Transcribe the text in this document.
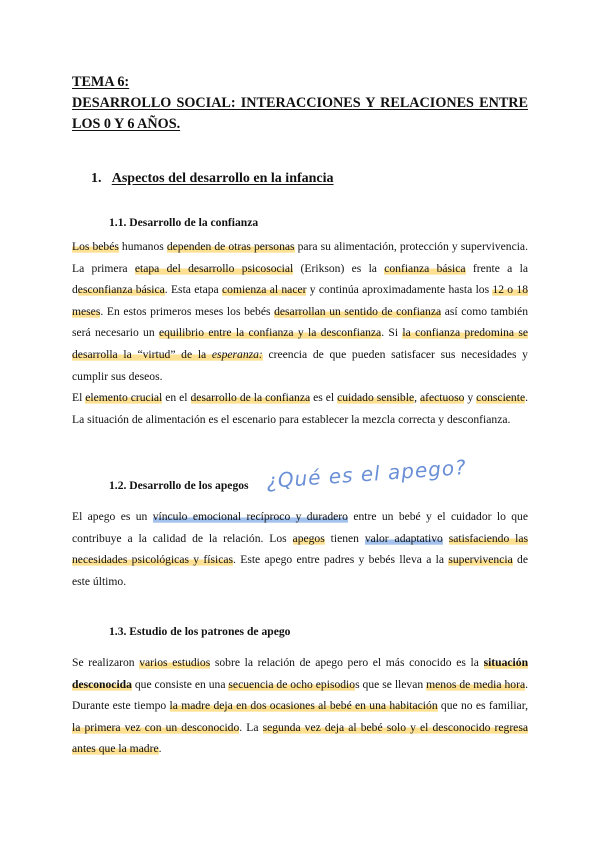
TEMA 6:
DESARROLLO SOCIAL: INTERACCIONES Y RELACIONES ENTRE
LOS 0 Y 6 AÑOS.
1. Aspectos del desarrollo en la infancia
1.1. Desarrollo de la confianza

Los bebés humanos dependen de otras personas para su alimentación, protección y supervivencia. La primera etapa del desarrollo psicosocial (Erikson) es la confianza básica frente a la desconfianza básica. Esta etapa comienza al nacer y continúa aproximadamente hasta los 12 o 18 meses. En estos primeros meses los bebés desarrollan un sentido de confianza así como también será necesario un equilibrio entre la confianza y la desconfianza. Si la confianza predomina se desarrolla la “virtud” de la esperanza: creencia de que pueden satisfacer sus necesidades y cumplir sus deseos.

El elemento crucial en el desarrollo de la confianza es el cuidado sensible, afectuoso y consciente. La situación de alimentación es el escenario para establecer la mezcla correcta y desconfianza.

1.2. Desarrollo de los apegos ¿Qué es el apego?

El apego es un vínculo emocional recíproco y duradero entre un bebé y el cuidador lo que contribuye a la calidad de la relación. Los apegos tienen valor adaptativo satisfaciendo las necesidades psicológicas y físicas. Este apego entre padres y bebés lleva a la supervivencia de este último.

1.3. Estudio de los patrones de apego

Se realizaron varios estudios sobre la relación de apego pero el más conocido es la situación desconocida que consiste en una secuencia de ocho episodios que se llevan menos de media hora. Durante este tiempo la madre deja en dos ocasiones al bebé en una habitación que no es familiar, la primera vez con un desconocido. La segunda vez deja al bebé solo y el desconocido regresa antes que la madre.
